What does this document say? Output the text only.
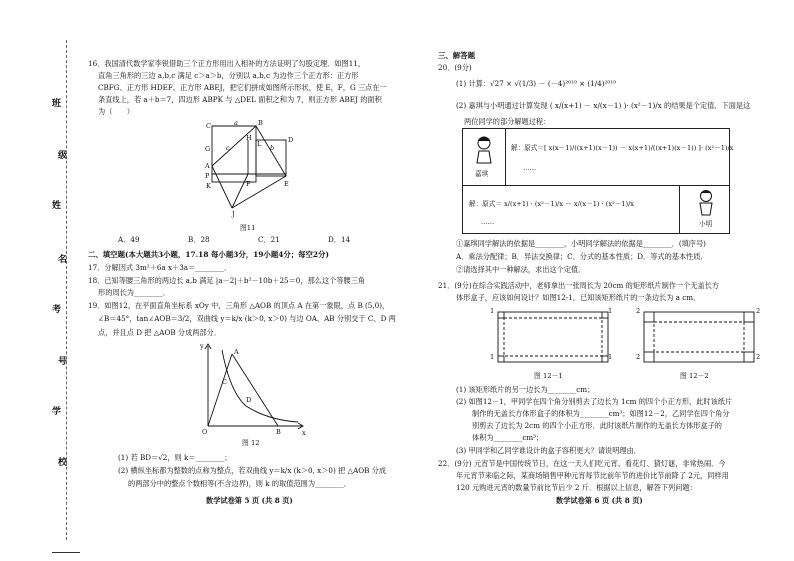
班
级
姓
名
考
号
学
校
16．我国清代数学家李锐借助三个正方形用出入相补的方法证明了勾股定理．如图11，
直角三角形的三边 a,b,c 满足 c＞a＞b，分别以 a,b,c 为边作三个正方形：正方形
CBFG、正方形 HDEF、正方形 ABEJ，把它们拼成如图所示形状，使 E，F，G 三点在一
条直线上，若 a＋b＝7，四边形 ABPK 与 △DEL 面积之和为 7，则正方形 ABEJ 的面积
为（　　）
C	B
H
L	D
G
A
P
K	F	E
J
a
c	b
图11
A．49	B．28	C．21	D．14
二、填空题(本大题共3小题，17.18 每小题3分，19小题4分；每空2分)
17．分解因式 3m²＋6a x＋3a＝________．
18．已知等腰三角形的两边长 a,b 满足 |a－2|＋b²－10b＋25＝0，那么这个等腰三角
形的周长为________．
19．如图12，在平面直角坐标系 xOy 中，三角形 △AOB 的顶点 A 在第一象限，点 B (5,0)，
∠B＝45°，tan∠AOB＝3/2，双曲线 y＝k/x (k＞0, x＞0) 与边 OA、AB 分别交于 C、D 两
点，并且点 D 把 △AOB 分成两部分．
y
x
O	B
A
C
D
图 12
(1) 若 BD＝√2，则 k＝________；
(2) 横纵坐标都为整数的点称为整点，若双曲线 y＝k/x (k＞0, x＞0) 把 △AOB 分成
的两部分中的整点个数相等(不含边界)，则 k 的取值范围为________．
数学试卷第 5 页 (共 8 页)
三、解答题
20．(9分)
(1) 计算：√27 × √(1/3) － (－4)²⁰¹⁹ × (1/4)²⁰¹⁹
(2) 嘉琪与小明通过计算发现 ( x/(x+1) － x/(x－1) )· (x²－1)/x 的结果是个定值．下面是这
两位同学的部分解题过程：
嘉琪
解：原式＝[ x(x－1)/((x+1)(x－1)) － x(x+1)/((x+1)(x－1)) ]· (x²－1)/x
……
解：原式＝ x/(x+1) · (x²－1)/x － x/(x－1) · (x²－1)/x
……	小明
①嘉琪同学解法的依据是________，小明同学解法的依据是________．(填序号)
A．乘法分配律；B．异法交换律；C．分式的基本性质；D．等式的基本性质．
②请选择其中一种解法，求出这个定值．
21．(9分)在综合实践活动中，老师拿出一张周长为 20cm 的矩形纸片制作一个无盖长方
体形盒子，应该如何设计？如图12-1，已知该矩形纸片的一条边长为 a cm．
1	1
1	1
2	2
2	2
图 12－1	图 12－2
(1) 该矩形纸片的另一边长为________cm；
(2) 如图12－1，甲同学在四个角分别剪去了边长为 1cm 的四个小正方形，此时该纸片
制作的无盖长方体形盒子的体积为________cm³；如图12－2，乙同学在四个角分
别剪去了边长为 2cm 的四个小正方形．此时该纸片制作的无盖长方体形盒子的
体积为________cm³；
(3) 甲同学和乙同学谁设计的盒子容积更大？请说明理由．
22．(9分) 元宵节是中国传统节日，在这一天人们吃元宵、看花灯、猜灯谜，非常热闹．今
年元宵节来临之际，某商场销售甲种元宵每节比前年节的进价比节前降了 2元，同样用
120 元购进元宵的数量节前比节后少 2 斤．根据以上信息，解答下列问题：
数学试卷第 6 页 (共 8 页)
